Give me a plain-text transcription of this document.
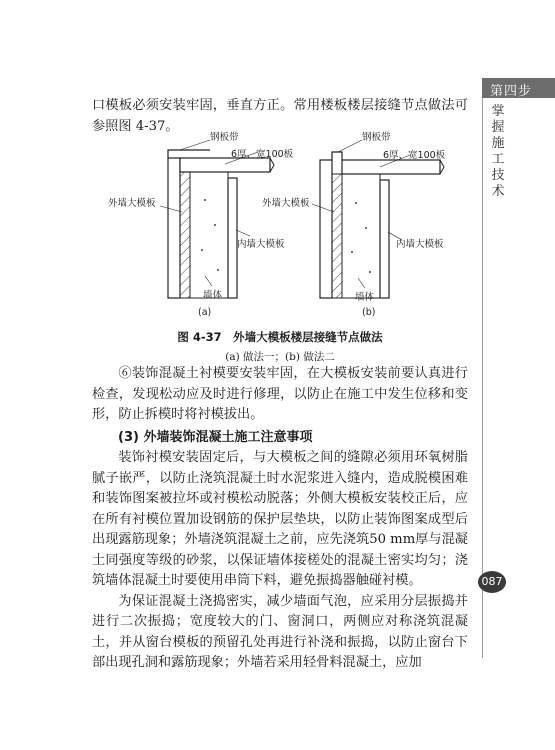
第四步
掌
握
施
工
技
术
087

口模板必须安装牢固，垂直方正。常用楼板楼层接缝节点做法可参照图 4-37。

钢板带
6厚、宽100板
外墙大模板
内墙大模板
墙体
(a)
钢板带
6厚、宽100板
外墙大模板
内墙大模板
墙体
(b)
图 4-37　外墙大模板楼层接缝节点做法
(a) 做法一；(b) 做法二

⑥装饰混凝土衬模要安装牢固，在大模板安装前要认真进行检查，发现松动应及时进行修理，以防止在施工中发生位移和变形，防止拆模时将衬模拔出。

(3) 外墙装饰混凝土施工注意事项

装饰衬模安装固定后，与大模板之间的缝隙必须用环氧树脂腻子嵌严，以防止浇筑混凝土时水泥浆进入缝内，造成脱模困难和装饰图案被拉坏或衬模松动脱落；外侧大模板安装校正后，应在所有衬模位置加设钢筋的保护层垫块，以防止装饰图案成型后出现露筋现象；外墙浇筑混凝土之前，应先浇筑50 mm厚与混凝土同强度等级的砂浆，以保证墙体接槎处的混凝土密实均匀；浇筑墙体混凝土时要使用串筒下料，避免振捣器触碰衬模。

为保证混凝土浇捣密实，减少墙面气泡，应采用分层振捣并进行二次振捣；宽度较大的门、窗洞口，两侧应对称浇筑混凝土，并从窗台模板的预留孔处再进行补浇和振捣，以防止窗台下部出现孔洞和露筋现象；外墙若采用轻骨料混凝土，应加
